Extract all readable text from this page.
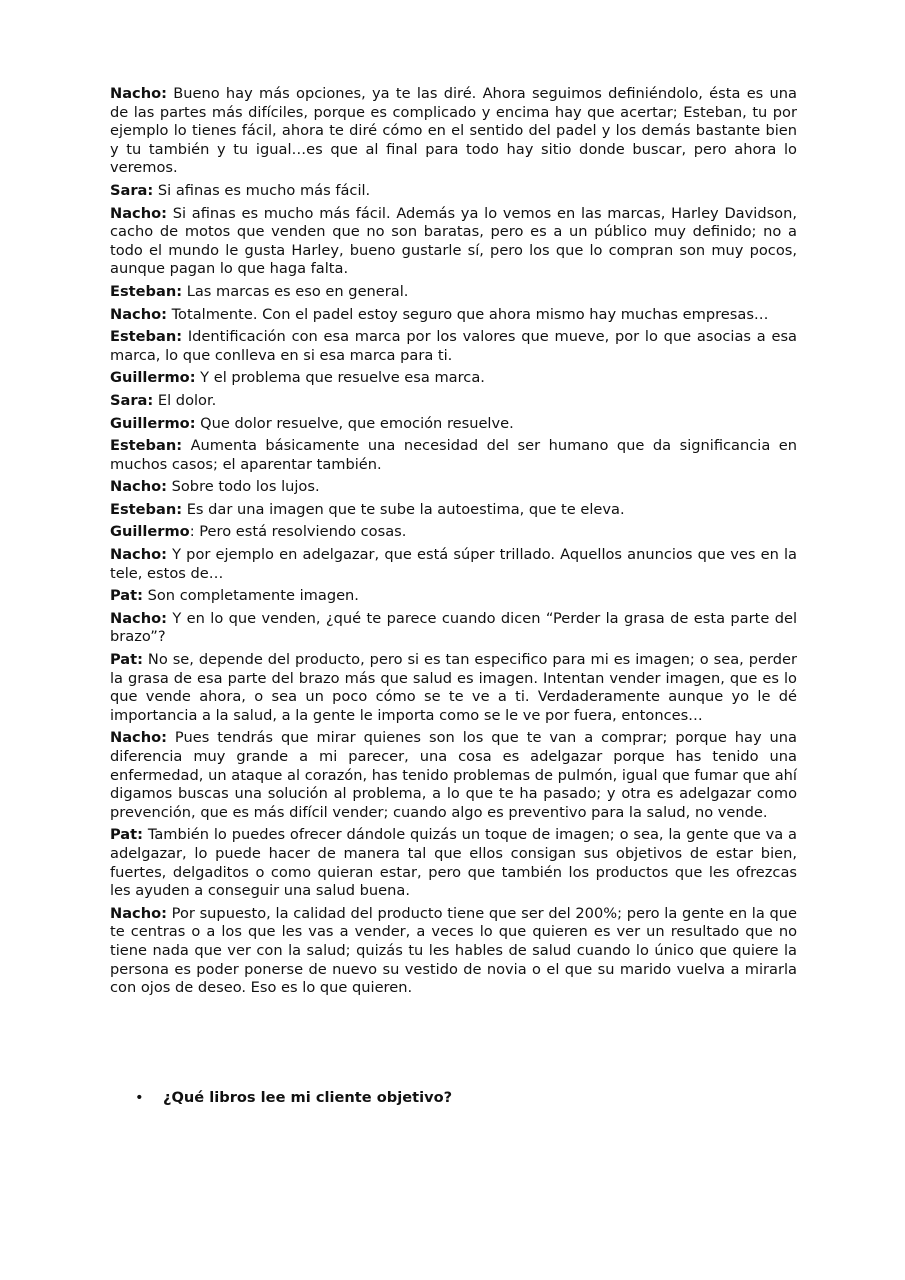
Nacho: Bueno hay más opciones, ya te las diré. Ahora seguimos definiéndolo, ésta es una de las partes más difíciles, porque es complicado y encima hay que acertar; Esteban, tu por ejemplo lo tienes fácil, ahora te diré cómo en el sentido del padel y los demás bastante bien y tu también y tu igual…es que al final para todo hay sitio donde buscar, pero ahora lo veremos.

Sara: Si afinas es mucho más fácil.

Nacho: Si afinas es mucho más fácil. Además ya lo vemos en las marcas, Harley Davidson, cacho de motos que venden que no son baratas, pero es a un público muy definido; no a todo el mundo le gusta Harley, bueno gustarle sí, pero los que lo compran son muy pocos, aunque pagan lo que haga falta.

Esteban: Las marcas es eso en general.

Nacho: Totalmente. Con el padel estoy seguro que ahora mismo hay muchas empresas…

Esteban: Identificación con esa marca por los valores que mueve, por lo que asocias a esa marca, lo que conlleva en si esa marca para ti.

Guillermo: Y el problema que resuelve esa marca.

Sara: El dolor.

Guillermo: Que dolor resuelve, que emoción resuelve.

Esteban: Aumenta básicamente una necesidad del ser humano que da significancia en muchos casos; el aparentar también.

Nacho: Sobre todo los lujos.

Esteban: Es dar una imagen que te sube la autoestima, que te eleva.

Guillermo: Pero está resolviendo cosas.

Nacho: Y por ejemplo en adelgazar, que está súper trillado. Aquellos anuncios que ves en la tele, estos de…

Pat: Son completamente imagen.

Nacho: Y en lo que venden, ¿qué te parece cuando dicen “Perder la grasa de esta parte del brazo”?

Pat: No se, depende del producto, pero si es tan especifico para mi es imagen; o sea, perder la grasa de esa parte del brazo más que salud es imagen. Intentan vender imagen, que es lo que vende ahora, o sea un poco cómo se te ve a ti. Verdaderamente aunque yo le dé importancia a la salud, a la gente le importa como se le ve por fuera, entonces…

Nacho: Pues tendrás que mirar quienes son los que te van a comprar; porque hay una diferencia muy grande a mi parecer, una cosa es adelgazar porque has tenido una enfermedad, un ataque al corazón, has tenido problemas de pulmón, igual que fumar que ahí digamos buscas una solución al problema, a lo que te ha pasado; y otra es adelgazar como prevención, que es más difícil vender; cuando algo es preventivo para la salud, no vende.

Pat: También lo puedes ofrecer dándole quizás un toque de imagen; o sea, la gente que va a adelgazar, lo puede hacer de manera tal que ellos consigan sus objetivos de estar bien, fuertes, delgaditos o como quieran estar, pero que también los productos que les ofrezcas les ayuden a conseguir una salud buena.

Nacho: Por supuesto, la calidad del producto tiene que ser del 200%; pero la gente en la que te centras o a los que les vas a vender, a veces lo que quieren es ver un resultado que no tiene nada que ver con la salud; quizás tu les hables de salud cuando lo único que quiere la persona es poder ponerse de nuevo su vestido de novia o el que su marido vuelva a mirarla con ojos de deseo. Eso es lo que quieren.

• ¿Qué libros lee mi cliente objetivo?
